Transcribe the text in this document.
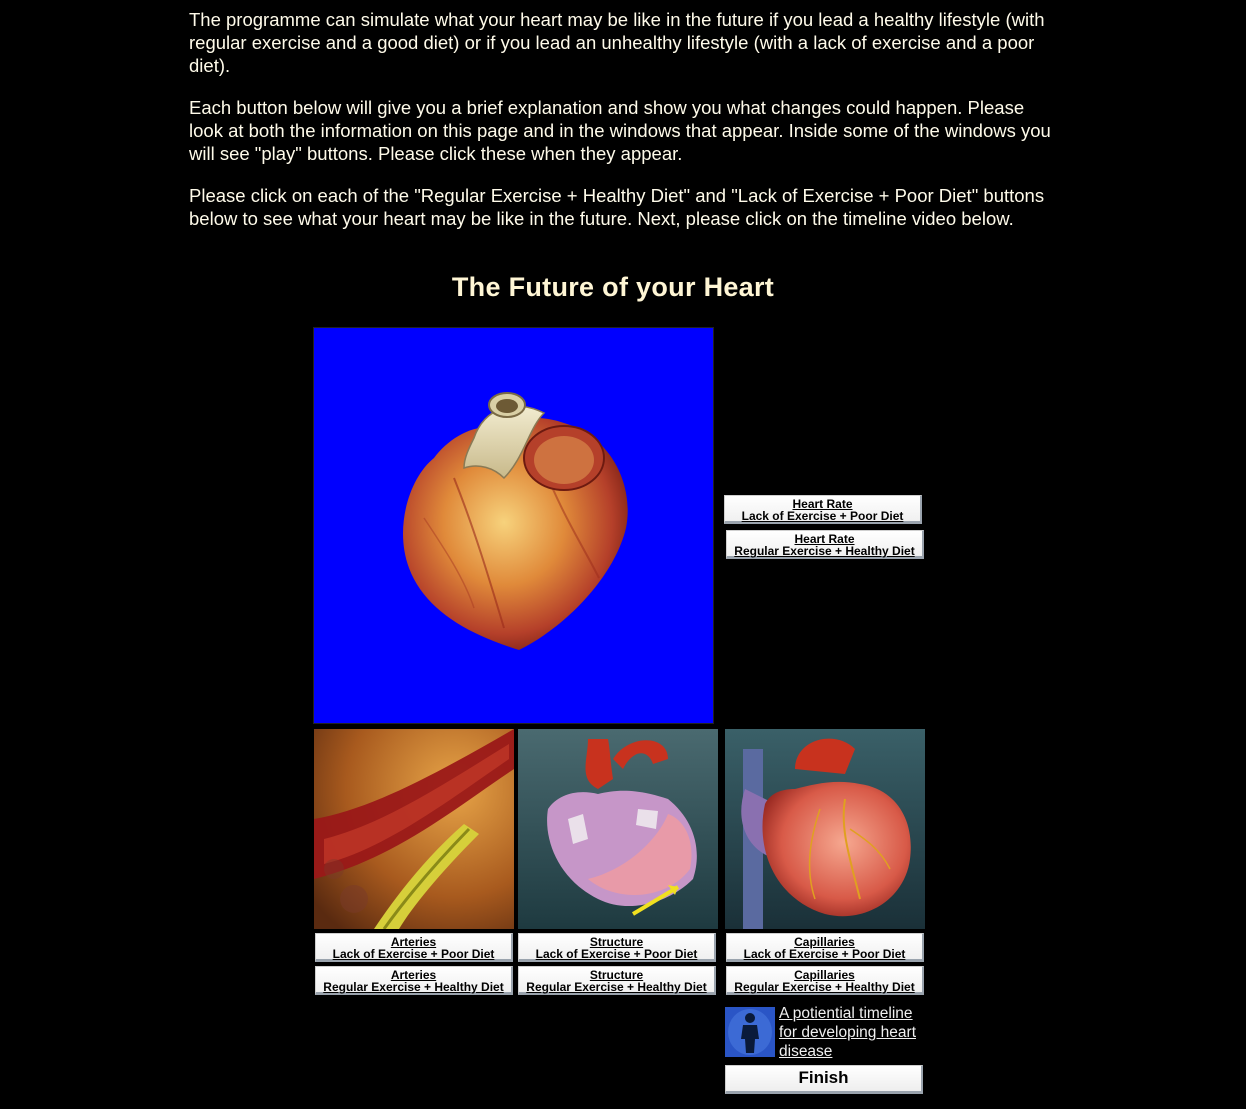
The programme can simulate what your heart may be like in the future if you lead a healthy lifestyle (with regular exercise and a good diet) or if you lead an unhealthy lifestyle (with a lack of exercise and a poor diet).

Each button below will give you a brief explanation and show you what changes could happen. Please look at both the information on this page and in the windows that appear. Inside some of the windows you will see "play" buttons. Please click these when they appear.

Please click on each of the "Regular Exercise + Healthy Diet" and "Lack of Exercise + Poor Diet" buttons below to see what your heart may be like in the future. Next, please click on the timeline video below.

The Future of your Heart
Heart Rate
Lack of Exercise + Poor Diet
Heart Rate
Regular Exercise + Healthy Diet
Arteries
Lack of Exercise + Poor Diet
Arteries
Regular Exercise + Healthy Diet
Structure
Lack of Exercise + Poor Diet
Structure
Regular Exercise + Healthy Diet
Capillaries
Lack of Exercise + Poor Diet
Capillaries
Regular Exercise + Healthy Diet
A potiential timeline for developing heart disease
Finish
